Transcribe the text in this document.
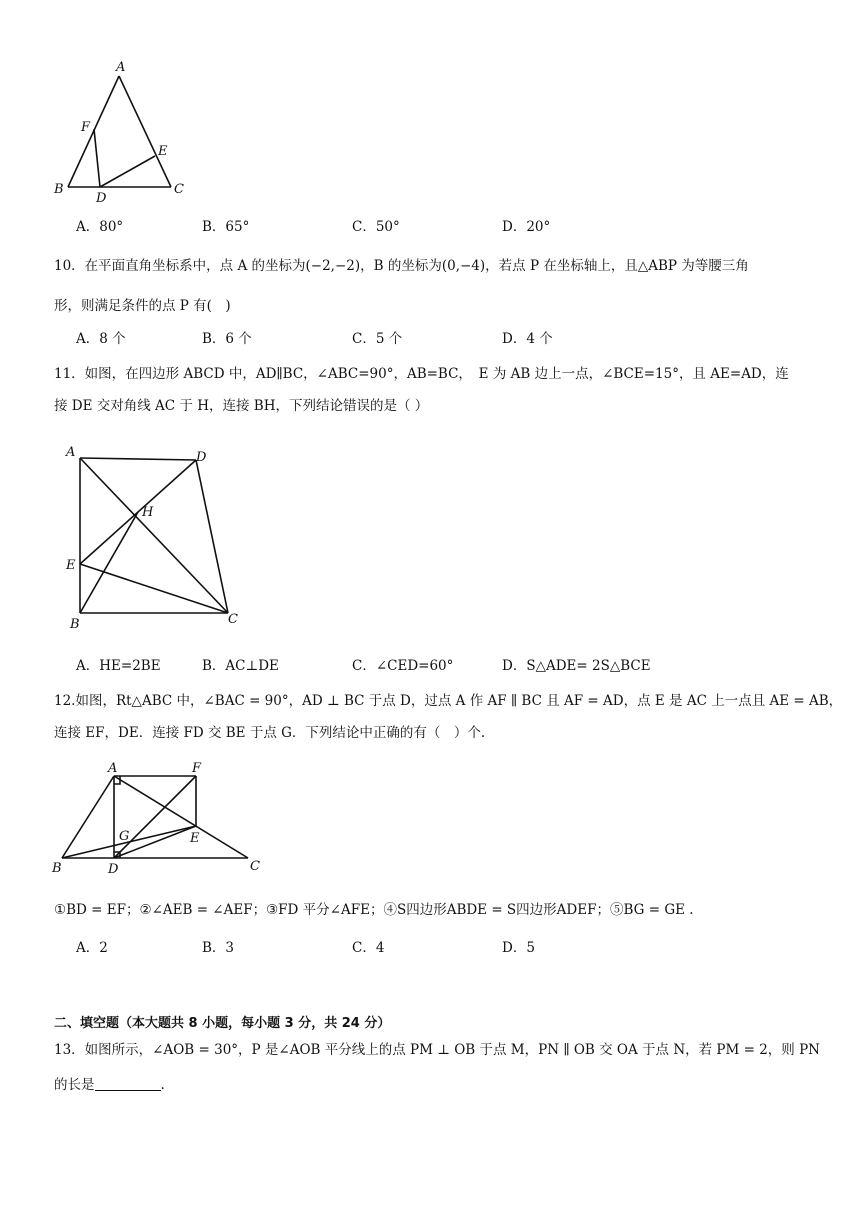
A
B	C
D
E
F
A．80°	B．65°	C．50°	D．20°
10．在平面直角坐标系中，点 A 的坐标为(−2,−2)，B 的坐标为(0,−4)，若点 P 在坐标轴上，且△ABP 为等腰三角
形，则满足条件的点 P 有(　)
A．8 个	B．6 个	C．5 个	D．4 个
11．如图，在四边形 ABCD 中，AD∥BC，∠ABC=90°，AB=BC，　E 为 AB 边上一点，∠BCE=15°，且 AE=AD，连
接 DE 交对角线 AC 于 H，连接 BH，下列结论错误的是（ ）
A	D
H
E
B	C
A．HE=2BE	B．AC⊥DE	C．∠CED=60°	D．S△ADE= 2S△BCE
12.如图，Rt△ABC 中，∠BAC = 90°，AD ⊥ BC 于点 D，过点 A 作 AF ∥ BC 且 AF = AD，点 E 是 AC 上一点且 AE = AB，
连接 EF，DE．连接 FD 交 BE 于点 G．下列结论中正确的有（　）个.
A	F
G	E
B	D	C
①BD = EF；②∠AEB = ∠AEF；③FD 平分∠AFE；④S四边形ABDE = S四边形ADEF；⑤BG = GE .
A．2	B．3	C．4	D．5
二、填空题（本大题共 8 小题，每小题 3 分，共 24 分）
13．如图所示，∠AOB = 30°，P 是∠AOB 平分线上的点 PM ⊥ OB 于点 M，PN ∥ OB 交 OA 于点 N，若 PM = 2，则 PN
的长是	.
